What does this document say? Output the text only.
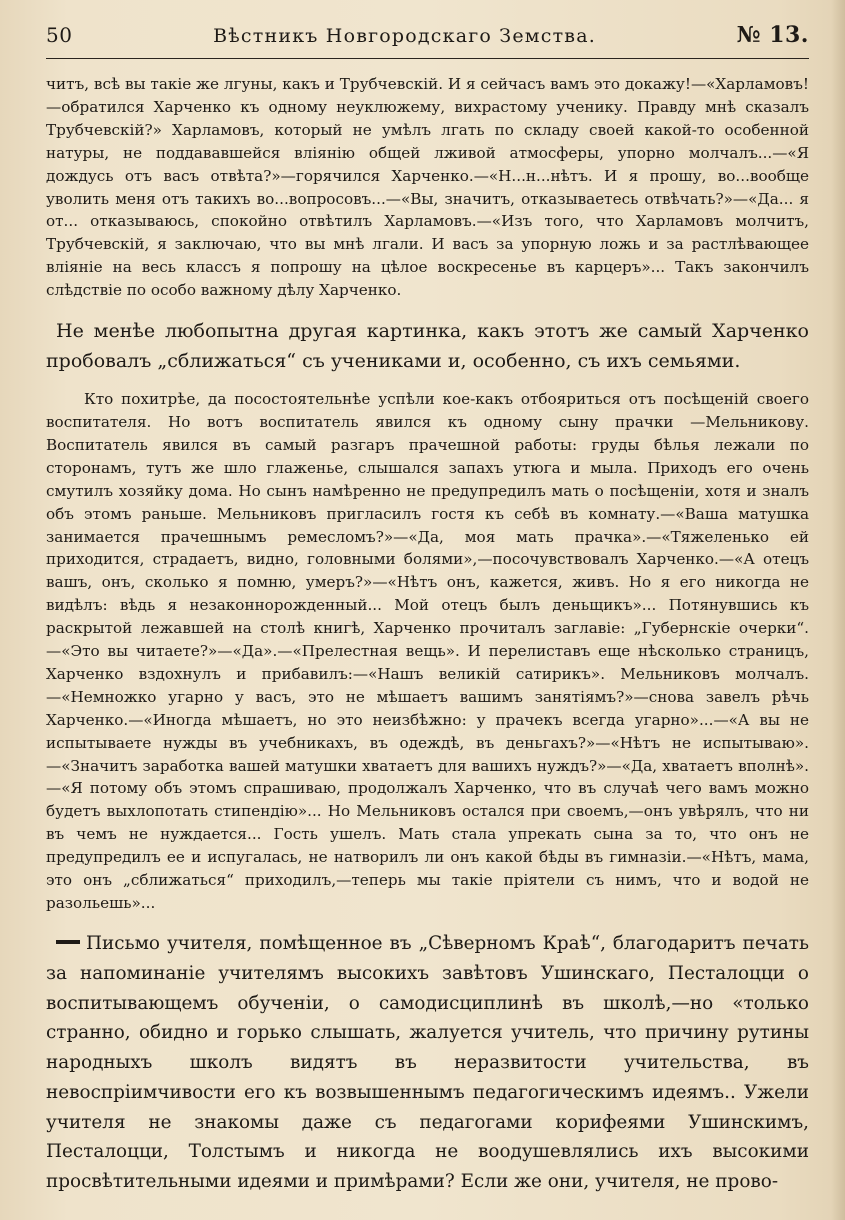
50	Вѣстникъ Новгородскаго Земства.	№ 13.

читъ, всѣ вы такіе же лгуны, какъ и Трубчевскій. И я сейчасъ вамъ это докажу!—«Харламовъ!—обратился Харченко къ одному неуклюжему, вихрастому ученику. Правду мнѣ сказалъ Трубчевскій?» Харламовъ, который не умѣлъ лгать по складу своей какой-то особенной натуры, не поддававшейся вліянію общей лживой атмосферы, упорно молчалъ...—«Я дождусь отъ васъ отвѣта?»—горячился Харченко.—«Н...н...нѣтъ. И я прошу, во...вообще уволить меня отъ такихъ во...вопросовъ...—«Вы, значитъ, отказываетесь отвѣчать?»—«Да... я от... отказываюсь, спокойно отвѣтилъ Харламовъ.—«Изъ того, что Харламовъ молчитъ, Трубчевскій, я заключаю, что вы мнѣ лгали. И васъ за упорную ложь и за растлѣвающее вліяніе на весь классъ я попрошу на цѣлое воскресенье въ карцеръ»... Такъ закончилъ слѣдствіе по особо важному дѣлу Харченко.

Не менѣе любопытна другая картинка, какъ этотъ же самый Харченко пробовалъ „сближаться“ съ учениками и, особенно, съ ихъ семьями.

Кто похитрѣе, да посостоятельнѣе успѣли кое-какъ отбояриться отъ посѣщеній своего воспитателя. Но вотъ воспитатель явился къ одному сыну прачки —Мельникову. Воспитатель явился въ самый разгаръ прачешной работы: груды бѣлья лежали по сторонамъ, тутъ же шло глаженье, слышался запахъ утюга и мыла. Приходъ его очень смутилъ хозяйку дома. Но сынъ намѣренно не предупредилъ мать о посѣщеніи, хотя и зналъ объ этомъ раньше. Мельниковъ пригласилъ гостя къ себѣ въ комнату.—«Ваша матушка занимается прачешнымъ ремесломъ?»—«Да, моя мать прачка».—«Тяжеленько ей приходится, страдаетъ, видно, головными болями»,—посочувствовалъ Харченко.—«А отецъ вашъ, онъ, сколько я помню, умеръ?»—«Нѣтъ онъ, кажется, живъ. Но я его никогда не видѣлъ: вѣдь я незаконнорожденный... Мой отецъ былъ деньщикъ»... Потянувшись къ раскрытой лежавшей на столѣ книгѣ, Харченко прочиталъ заглавіе: „Губернскіе очерки“.—«Это вы читаете?»—«Да».—«Прелестная вещь». И перелиставъ еще нѣсколько страницъ, Харченко вздохнулъ и прибавилъ:—«Нашъ великій сатирикъ». Мельниковъ молчалъ.—«Немножко угарно у васъ, это не мѣшаетъ вашимъ занятіямъ?»—снова завелъ рѣчь Харченко.—«Иногда мѣшаетъ, но это неизбѣжно: у прачекъ всегда угарно»...—«А вы не испытываете нужды въ учебникахъ, въ одеждѣ, въ деньгахъ?»—«Нѣтъ не испытываю».—«Значитъ заработка вашей матушки хватаетъ для вашихъ нуждъ?»—«Да, хватаетъ вполнѣ».—«Я потому объ этомъ спрашиваю, продолжалъ Харченко, что въ случаѣ чего вамъ можно будетъ выхлопотать стипендію»... Но Мельниковъ остался при своемъ,—онъ увѣрялъ, что ни въ чемъ не нуждается... Гость ушелъ. Мать стала упрекать сына за то, что онъ не предупредилъ ее и испугалась, не натворилъ ли онъ какой бѣды въ гимназіи.—«Нѣтъ, мама, это онъ „сближаться“ приходилъ,—теперь мы такіе пріятели съ нимъ, что и водой не разольешь»...

Письмо учителя, помѣщенное въ „Сѣверномъ Краѣ“, благодаритъ печать за напоминаніе учителямъ высокихъ завѣтовъ Ушинскаго, Песталоцци о воспитывающемъ обученіи, о самодисциплинѣ въ школѣ,—но «только странно, обидно и горько слышать, жалуется учитель, что причину рутины народныхъ школъ видятъ въ неразвитости учительства, въ невоспріимчивости его къ возвышеннымъ педагогическимъ идеямъ.. Ужели учителя не знакомы даже съ педагогами корифеями Ушинскимъ, Песталоцци, Толстымъ и никогда не воодушевлялись ихъ высокими просвѣтительными идеями и примѣрами? Если же они, учителя, не прово-
